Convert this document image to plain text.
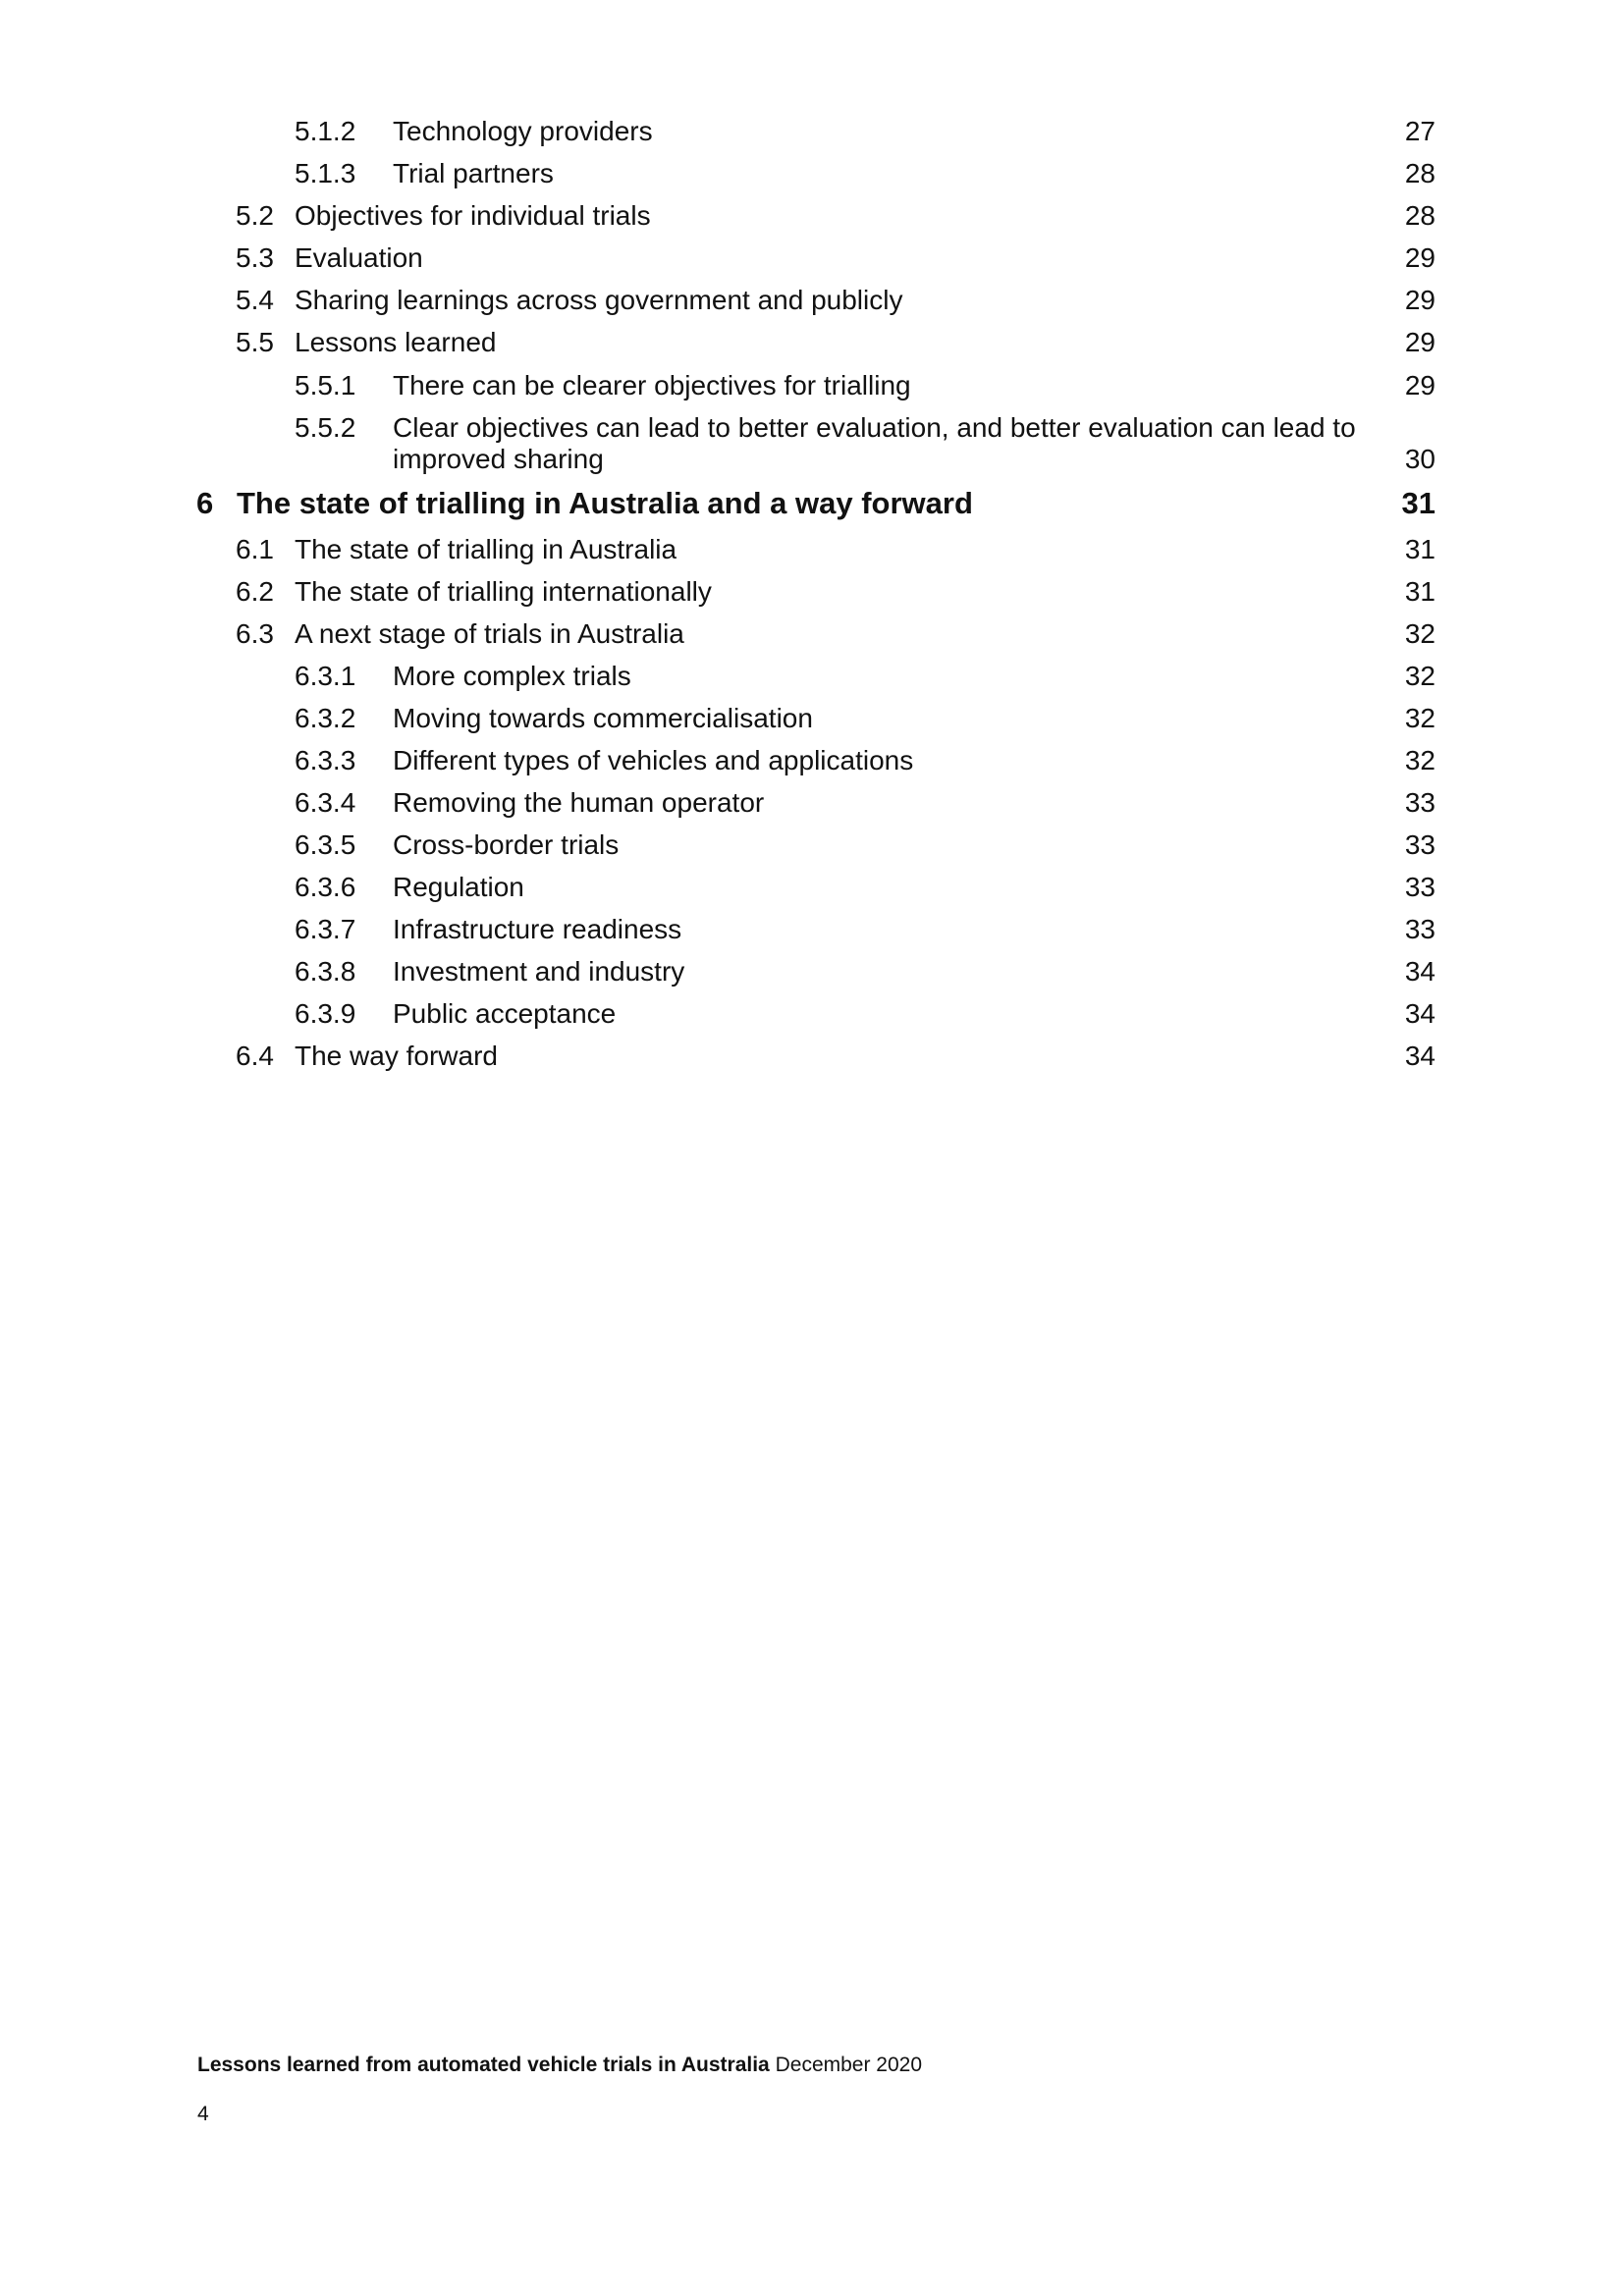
5.1.2 Technology providers	27
5.1.3 Trial partners	28
5.2 Objectives for individual trials	28
5.3 Evaluation	29
5.4 Sharing learnings across government and publicly	29
5.5 Lessons learned	29
5.5.1 There can be clearer objectives for trialling	29
5.5.2 Clear objectives can lead to better evaluation, and better evaluation can lead to improved sharing	30
6 The state of trialling in Australia and a way forward	31
6.1 The state of trialling in Australia	31
6.2 The state of trialling internationally	31
6.3 A next stage of trials in Australia	32
6.3.1 More complex trials	32
6.3.2 Moving towards commercialisation	32
6.3.3 Different types of vehicles and applications	32
6.3.4 Removing the human operator	33
6.3.5 Cross-border trials	33
6.3.6 Regulation	33
6.3.7 Infrastructure readiness	33
6.3.8 Investment and industry	34
6.3.9 Public acceptance	34
6.4 The way forward	34
Lessons learned from automated vehicle trials in Australia December 2020
4
